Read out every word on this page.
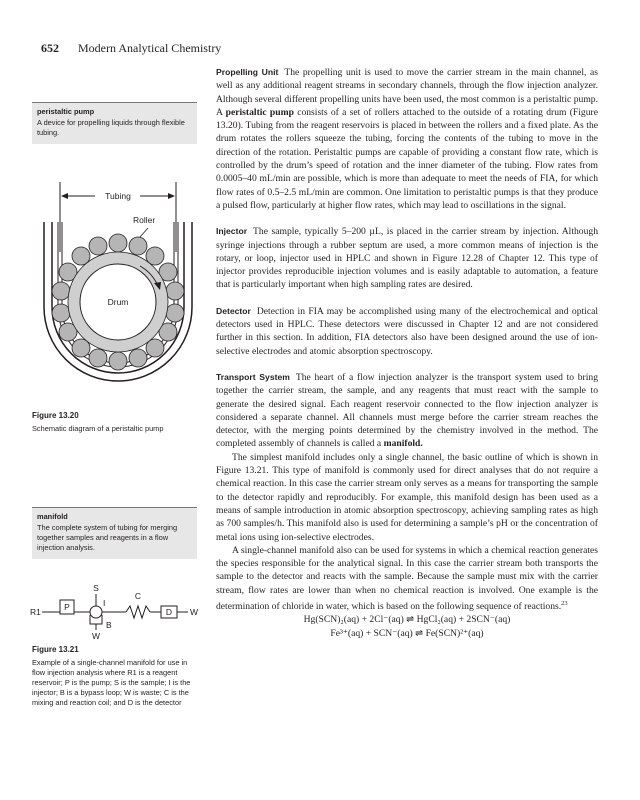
652 Modern Analytical Chemistry
peristaltic pump
A device for propelling liquids through flexible tubing.
Tubing
Roller
Drum
Figure 13.20
Schematic diagram of a peristaltic pump
manifold
The complete system of tubing for merging together samples and reagents in a flow injection analysis.
R1	P
S
I
B
W
C
D W
Figure 13.21
Example of a single-channel manifold for use in flow injection analysis where R1 is a reagent reservoir; P is the pump; S is the sample; I is the injector; B is a bypass loop; W is waste; C is the mixing and reaction coil; and D is the detector

Propelling Unit The propelling unit is used to move the carrier stream in the main channel, as well as any additional reagent streams in secondary channels, through the flow injection analyzer. Although several different propelling units have been used, the most common is a peristaltic pump. A peristaltic pump consists of a set of rollers attached to the outside of a rotating drum (Figure 13.20). Tubing from the reagent reservoirs is placed in between the rollers and a fixed plate. As the drum rotates the rollers squeeze the tubing, forcing the contents of the tubing to move in the direction of the rotation. Peristaltic pumps are capable of providing a constant flow rate, which is controlled by the drum’s speed of rotation and the inner diameter of the tubing. Flow rates from 0.0005–40 mL/min are possible, which is more than adequate to meet the needs of FIA, for which flow rates of 0.5–2.5 mL/min are common. One limitation to peristaltic pumps is that they produce a pulsed flow, particularly at higher flow rates, which may lead to oscillations in the signal.

Injector The sample, typically 5–200 µL, is placed in the carrier stream by injection. Although syringe injections through a rubber septum are used, a more common means of injection is the rotary, or loop, injector used in HPLC and shown in Figure 12.28 of Chapter 12. This type of injector provides reproducible injection volumes and is easily adaptable to automation, a feature that is particularly important when high sampling rates are desired.

Detector Detection in FIA may be accomplished using many of the electrochemical and optical detectors used in HPLC. These detectors were discussed in Chapter 12 and are not considered further in this section. In addition, FIA detectors also have been designed around the use of ion-selective electrodes and atomic absorption spectroscopy.

Transport System The heart of a flow injection analyzer is the transport system used to bring together the carrier stream, the sample, and any reagents that must react with the sample to generate the desired signal. Each reagent reservoir connected to the flow injection analyzer is considered a separate channel. All channels must merge before the carrier stream reaches the detector, with the merging points determined by the chemistry involved in the method. The completed assembly of channels is called a manifold.

The simplest manifold includes only a single channel, the basic outline of which is shown in Figure 13.21. This type of manifold is commonly used for direct analyses that do not require a chemical reaction. In this case the carrier stream only serves as a means for transporting the sample to the detector rapidly and reproducibly. For example, this manifold design has been used as a means of sample introduction in atomic absorption spectroscopy, achieving sampling rates as high as 700 samples/h. This manifold also is used for determining a sample’s pH or the concentration of metal ions using ion-selective electrodes.

A single-channel manifold also can be used for systems in which a chemical reaction generates the species responsible for the analytical signal. In this case the carrier stream both transports the sample to the detector and reacts with the sample. Because the sample must mix with the carrier stream, flow rates are lower than when no chemical reaction is involved. One example is the determination of chloride in water, which is based on the following sequence of reactions.$^{23}$

Hg(SCN)₂(aq) + 2Cl⁻(aq) ⇌ HgCl₂(aq) + 2SCN⁻(aq)

Fe³⁺(aq) + SCN⁻(aq) ⇌ Fe(SCN)²⁺(aq)
